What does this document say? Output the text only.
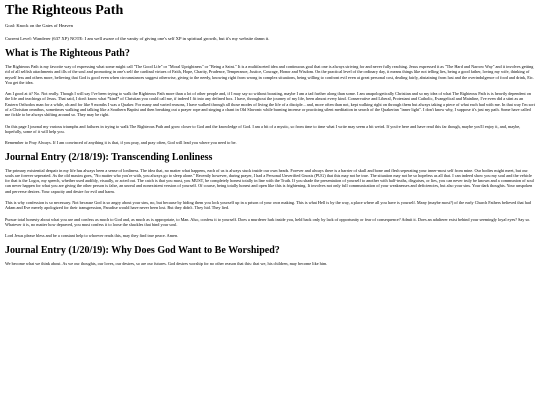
The Righteous Path
Goal: Knock on the Gates of Heaven
Current Level: Wanderer (637 XP) NOTE: I am well aware of the vanity of giving one's self XP in spiritual growth, but it's my website damn it.
What is The Righteous Path?

The Righteous Path is my favorite way of expressing what some might call "The Good Life" or "Moral Uprightness" or "Being a Saint." It is a multifaceted idea and continuous goal that one is always striving for and never fully reaching. Jesus expressed it as "The Hard and Narrow Way" and it involves getting rid of all selfish attachments and ills of the soul and promoting in one's self the cardinal virtues of Faith, Hope, Charity, Prudence, Temperance, Justice, Courage, Honor and Wisdom. On the practical level of the ordinary day, it means things like not telling lies, being a good father, loving my wife, thinking of myself less and others more, believing that God is good even when circumstances suggest otherwise, giving to the needy, knowing right from wrong in complex situations, being willing to confront evil even at great personal cost, dealing fairly, abstaining from lust and the overindulgence of food and drink, Etc. You get the idea.

Am I good at it? No. Not really. Though I will say I've been trying to walk the Righteous Path more than a lot of other people and, if I may say so without boasting, maybe I am a tad further along than some. I am unapologetically Christian and so my idea of what The Righteous Path is is heavily dependent on the life and teachings of Jesus. That said, I don't know what *kind* of Christian you could call me, if indeed I fit into any defined box. I have, throughout the journey of my life, been almost every kind. Conservative and Liberal, Protestant and Catholic, Evangelical and Mainline, I've even did a stint as an Eastern Orthodox man for a while, oh and for like 9 months I was a Quaker. For many and varied reasons, I have walked through all those modes of living the life of a disciple... and, more often than not, kept walking right on through them but always taking a piece of what each had with me. In that way I'm sort of a Christian omnibus, sometimes walking and talking like a Southern Baptist and then breaking out a prayer rope and singing a chant in Old Slavonic while burning incense or practicing silent meditation in search of the Quakerian "inner light". I don't know why, I suppose it's just my path. Some have called me fickle to be always shifting around so. They may be right.

On this page I journal my various triumphs and failures in trying to walk The Righteous Path and grow closer to God and the knowledge of God. I am a bit of a mystic, so from time to time what I write may seem a bit weird. If you're here and have read this far though, maybe you'll enjoy it, and, maybe, hopefully, some of it will help you.

Remember to Pray Always. If I am convinced of anything it is that, if you pray, and pray often, God will lead you where you need to be.

Journal Entry (2/18/19): Transcending Lonliness

The primary existential despair in my life has always been a sense of lonliness. The idea that, no matter what happens, each of us is always stuck inside our own heads. Forever and always there is a barrier of skull and bone and flesh seperating your inner-most self from mine. Our bodies might meet, but our souls are forever seperated. As the old maxim goes, "No matter who you're with, you always go to sleep alone." Recently however, during prayer, I had a Personal Unverified Gnosis (PUG) that this may not be true. The situation may not be so hopeless as all that. I can indeed show you my soul and the vehicle for that is the Logos, my speech, whether used audibly, visually, or acted out. The catch is that you must, you MUST, be completely honest totally in line with the Truth. If you shade the presentation of yourself to another with half-truths, disguises, or lies, you can never truly be known and a communion of soul can never happen for what you are giving the other person is false, an unreal and nonexistent version of yourself. Of course, being totally honest and open like this is frightening. It involves not only full communication of your weaknesses and deficiencies, but also your sins. Your dark thoughts. Your unspoken and perverse desires. Your capacity and desire for evil and harm.

This is why confession is so necessary. Not because God is so angry about your sins, no, but because by hiding them you lock yourself up in a prison of your own making. This is what Hell is by the way, a place where all you have is yourself. Many (maybe most?) of the early Church Fathers believed that had Adam and Eve merely apologized for their transgression, Paradise would have never been lost. But they didn't. They hid. They lied.

Pursue total honesty about what you are and confess as much to God and, as much as is appropriate, to Man. Also, confess it to yourself. Does a murderer lurk inside you, held back only by lack of opportunity or fear of consequence? Admit it. Does an adulterer exist behind your seemingly loyal eyes? Say so. Whatever it is, no matter how depraved, you must confess it to loose the shackles that bind your soul.

Lord Jesus please bless and be a constant help to whoever reads this, may they find true peace. Amen.

Journal Entry (1/20/19): Why Does God Want to Be Worshiped?

We become what we think about. As we our thoughts, our loves, our desires, so are our futures. God desires worship for no other reason that this: that we, his children, may become like him.
